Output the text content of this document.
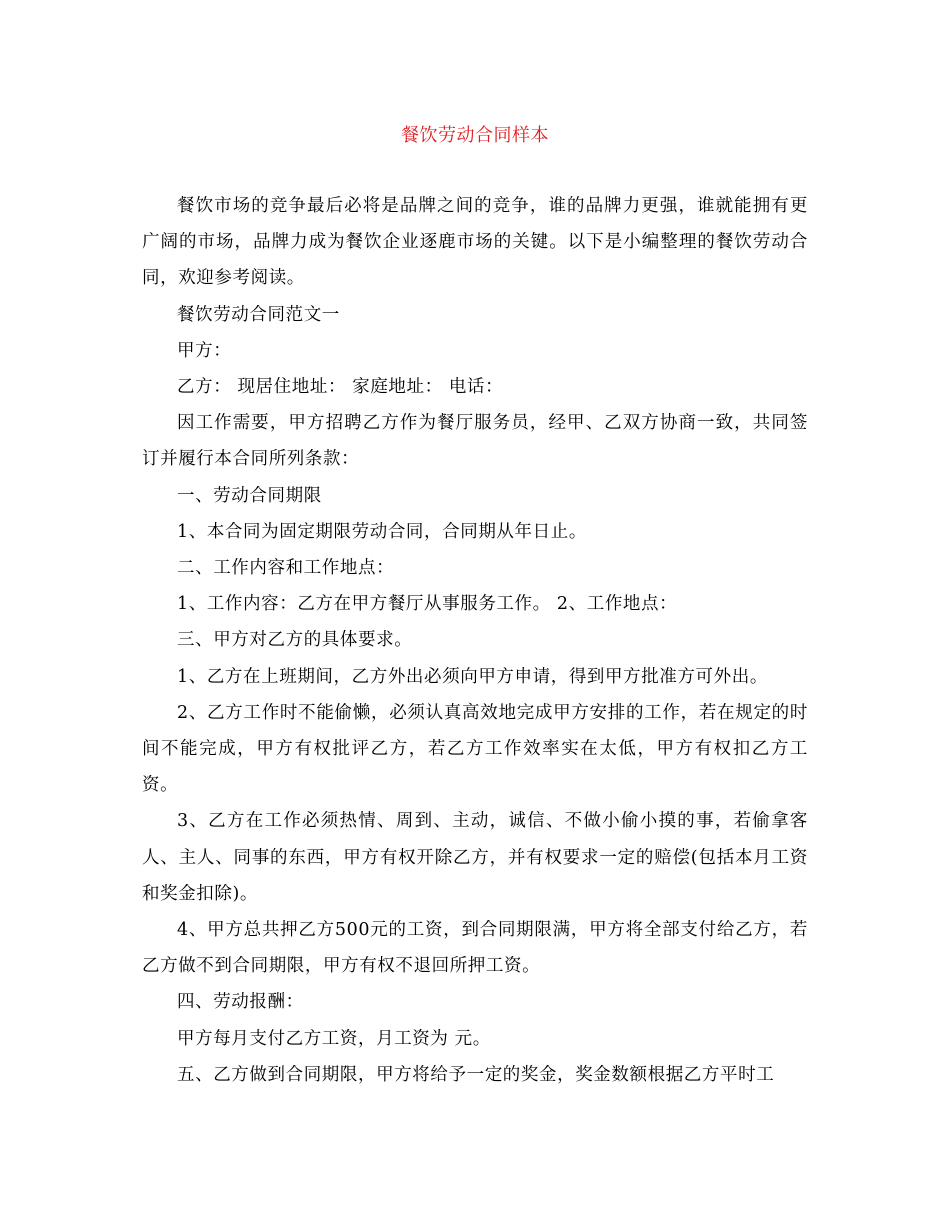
餐饮劳动合同样本

餐饮市场的竞争最后必将是品牌之间的竞争，谁的品牌力更强，谁就能拥有更广阔的市场，品牌力成为餐饮企业逐鹿市场的关键。以下是小编整理的餐饮劳动合同，欢迎参考阅读。

餐饮劳动合同范文一

甲方：

乙方： 现居住地址： 家庭地址： 电话：

因工作需要，甲方招聘乙方作为餐厅服务员，经甲、乙双方协商一致，共同签订并履行本合同所列条款：

一、劳动合同期限

1、本合同为固定期限劳动合同，合同期从年日止。

二、工作内容和工作地点：

1、工作内容：乙方在甲方餐厅从事服务工作。 2、工作地点：

三、甲方对乙方的具体要求。

1、乙方在上班期间，乙方外出必须向甲方申请，得到甲方批准方可外出。

2、乙方工作时不能偷懒，必须认真高效地完成甲方安排的工作，若在规定的时间不能完成，甲方有权批评乙方，若乙方工作效率实在太低，甲方有权扣乙方工资。

3、乙方在工作必须热情、周到、主动，诚信、不做小偷小摸的事，若偷拿客人、主人、同事的东西，甲方有权开除乙方，并有权要求一定的赔偿(包括本月工资和奖金扣除)。

4、甲方总共押乙方500元的工资，到合同期限满，甲方将全部支付给乙方，若乙方做不到合同期限，甲方有权不退回所押工资。

四、劳动报酬：

甲方每月支付乙方工资，月工资为 元。

五、乙方做到合同期限，甲方将给予一定的奖金，奖金数额根据乙方平时工
